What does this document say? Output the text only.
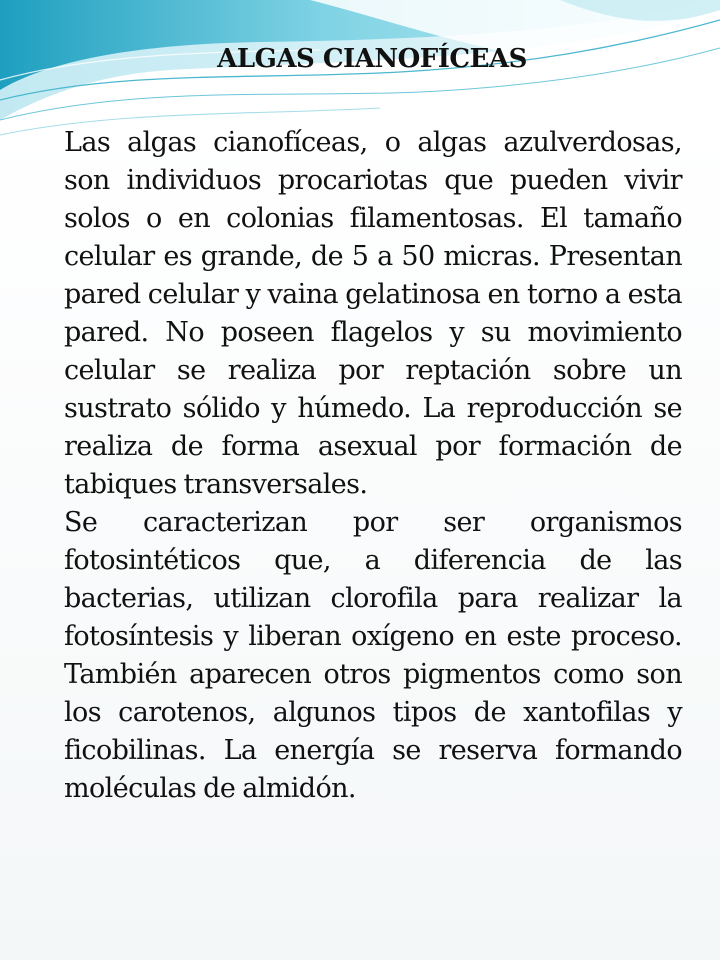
ALGAS CIANOFÍCEAS

Las algas cianofíceas, o algas azulverdosas, son individuos procariotas que pueden vivir solos o en colonias filamentosas. El tamaño celular es grande, de 5 a 50 micras. Presentan pared celular y vaina gelatinosa en torno a esta pared. No poseen flagelos y su movimiento celular se realiza por reptación sobre un sustrato sólido y húmedo. La reproducción se realiza de forma asexual por formación de tabiques transversales.

Se caracterizan por ser organismos fotosintéticos que, a diferencia de las bacterias, utilizan clorofila para realizar la fotosíntesis y liberan oxígeno en este proceso. También aparecen otros pigmentos como son los carotenos, algunos tipos de xantofilas y ficobilinas. La energía se reserva formando moléculas de almidón.
